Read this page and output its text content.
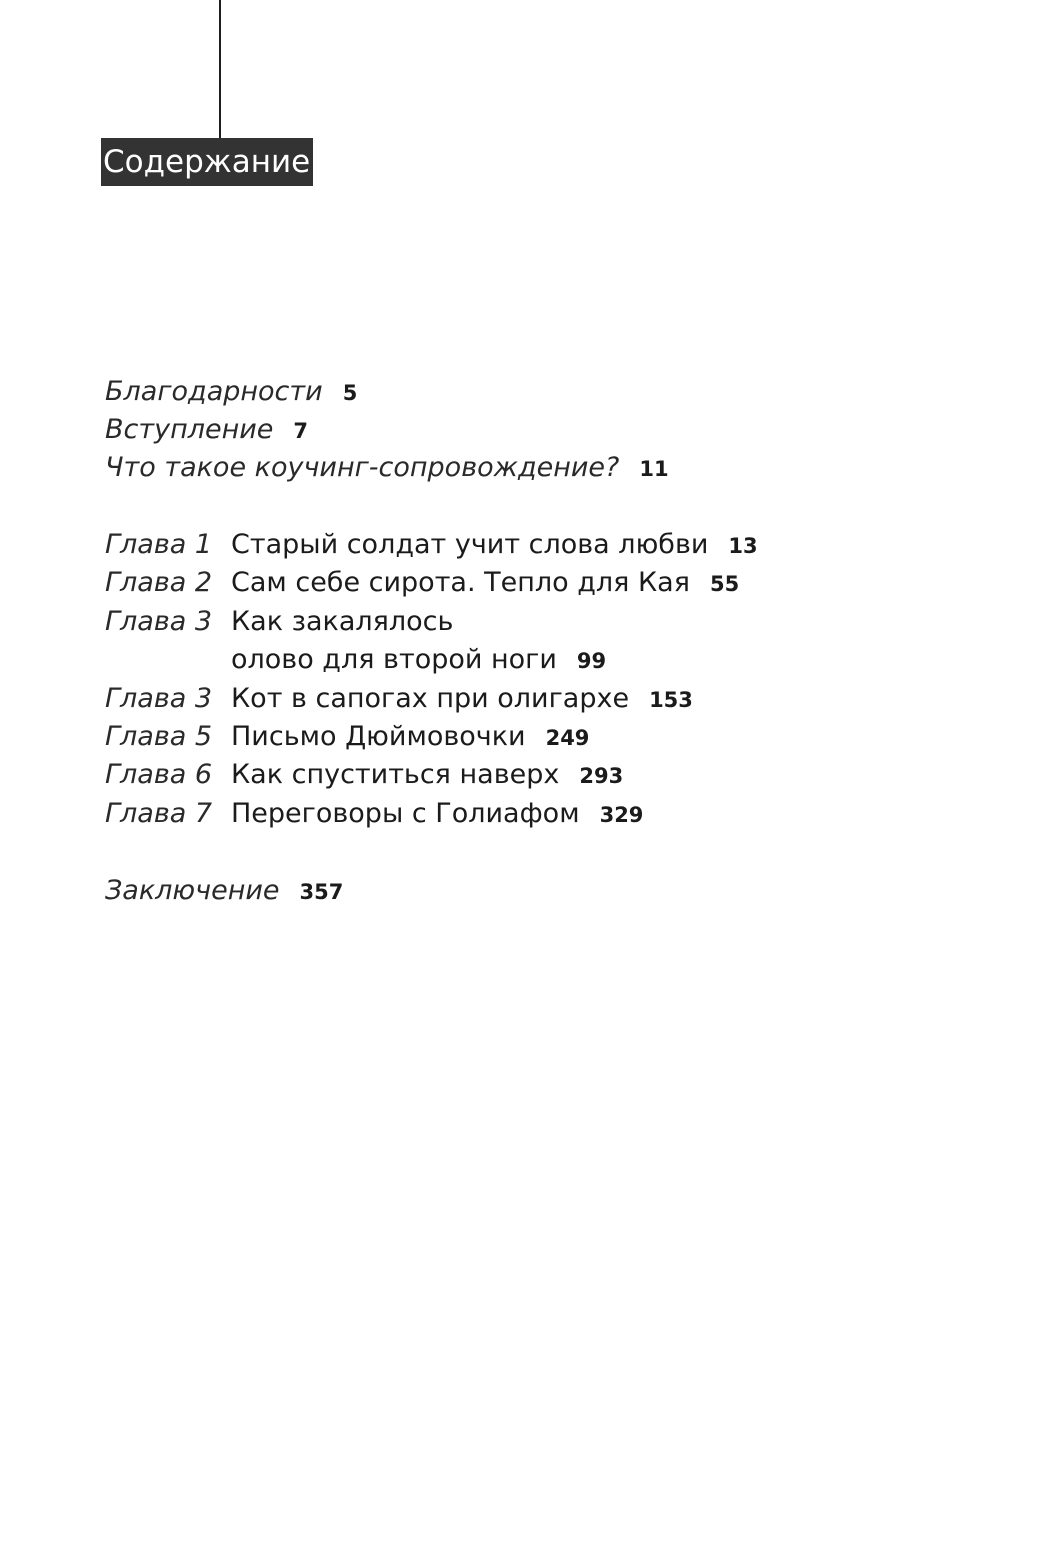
Содержание
Благодарности 5
Вступление 7
Что такое коучинг-сопровождение? 11
Глава 1 Старый солдат учит слова любви 13
Глава 2 Сам себе сирота. Тепло для Кая 55
Глава 3 Как закалялось
олово для второй ноги 99
Глава 3 Кот в сапогах при олигархе 153
Глава 5 Письмо Дюймовочки 249
Глава 6 Как спуститься наверх 293
Глава 7 Переговоры с Голиафом 329
Заключение 357
